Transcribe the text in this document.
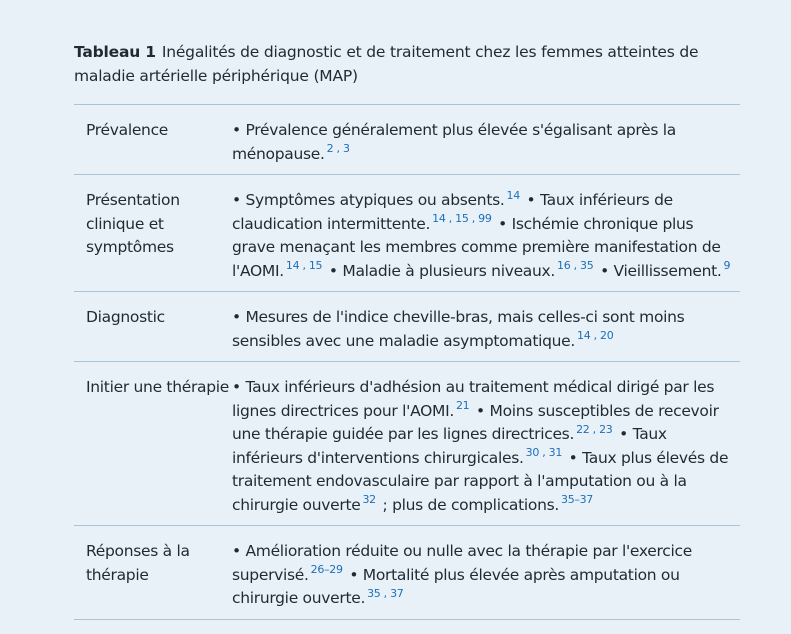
Tableau 1 Inégalités de diagnostic et de traitement chez les femmes atteintes de maladie artérielle périphérique (MAP)
Prévalence	• Prévalence généralement plus élevée s'égalisant après la ménopause. $^{2 , 3}$
Présentation clinique et symptômes	• Symptômes atypiques ou absents. $^{14}$ • Taux inférieurs de claudication intermittente. $^{14 , 15 , 99}$ • Ischémie chronique plus grave menaçant les membres comme première manifestation de l'AOMI. $^{14 , 15}$ • Maladie à plusieurs niveaux. $^{16 , 35}$ • Vieillissement. $^9$
Diagnostic	• Mesures de l'indice cheville-bras, mais celles-ci sont moins sensibles avec une maladie asymptomatique. $^{14 , 20}$
Initier une thérapie	• Taux inférieurs d'adhésion au traitement médical dirigé par les lignes directrices pour l'AOMI. $^{21}$ • Moins susceptibles de recevoir une thérapie guidée par les lignes directrices. $^{22 , 23}$ • Taux inférieurs d'interventions chirurgicales. $^{30 , 31}$ • Taux plus élevés de traitement endovasculaire par rapport à l'amputation ou à la chirurgie ouverte $^{32}$ ; plus de complications. $^{35-37}$
Réponses à la thérapie	• Amélioration réduite ou nulle avec la thérapie par l'exercice supervisé. $^{26-29}$ • Mortalité plus élevée après amputation ou chirurgie ouverte. $^{35 , 37}$
